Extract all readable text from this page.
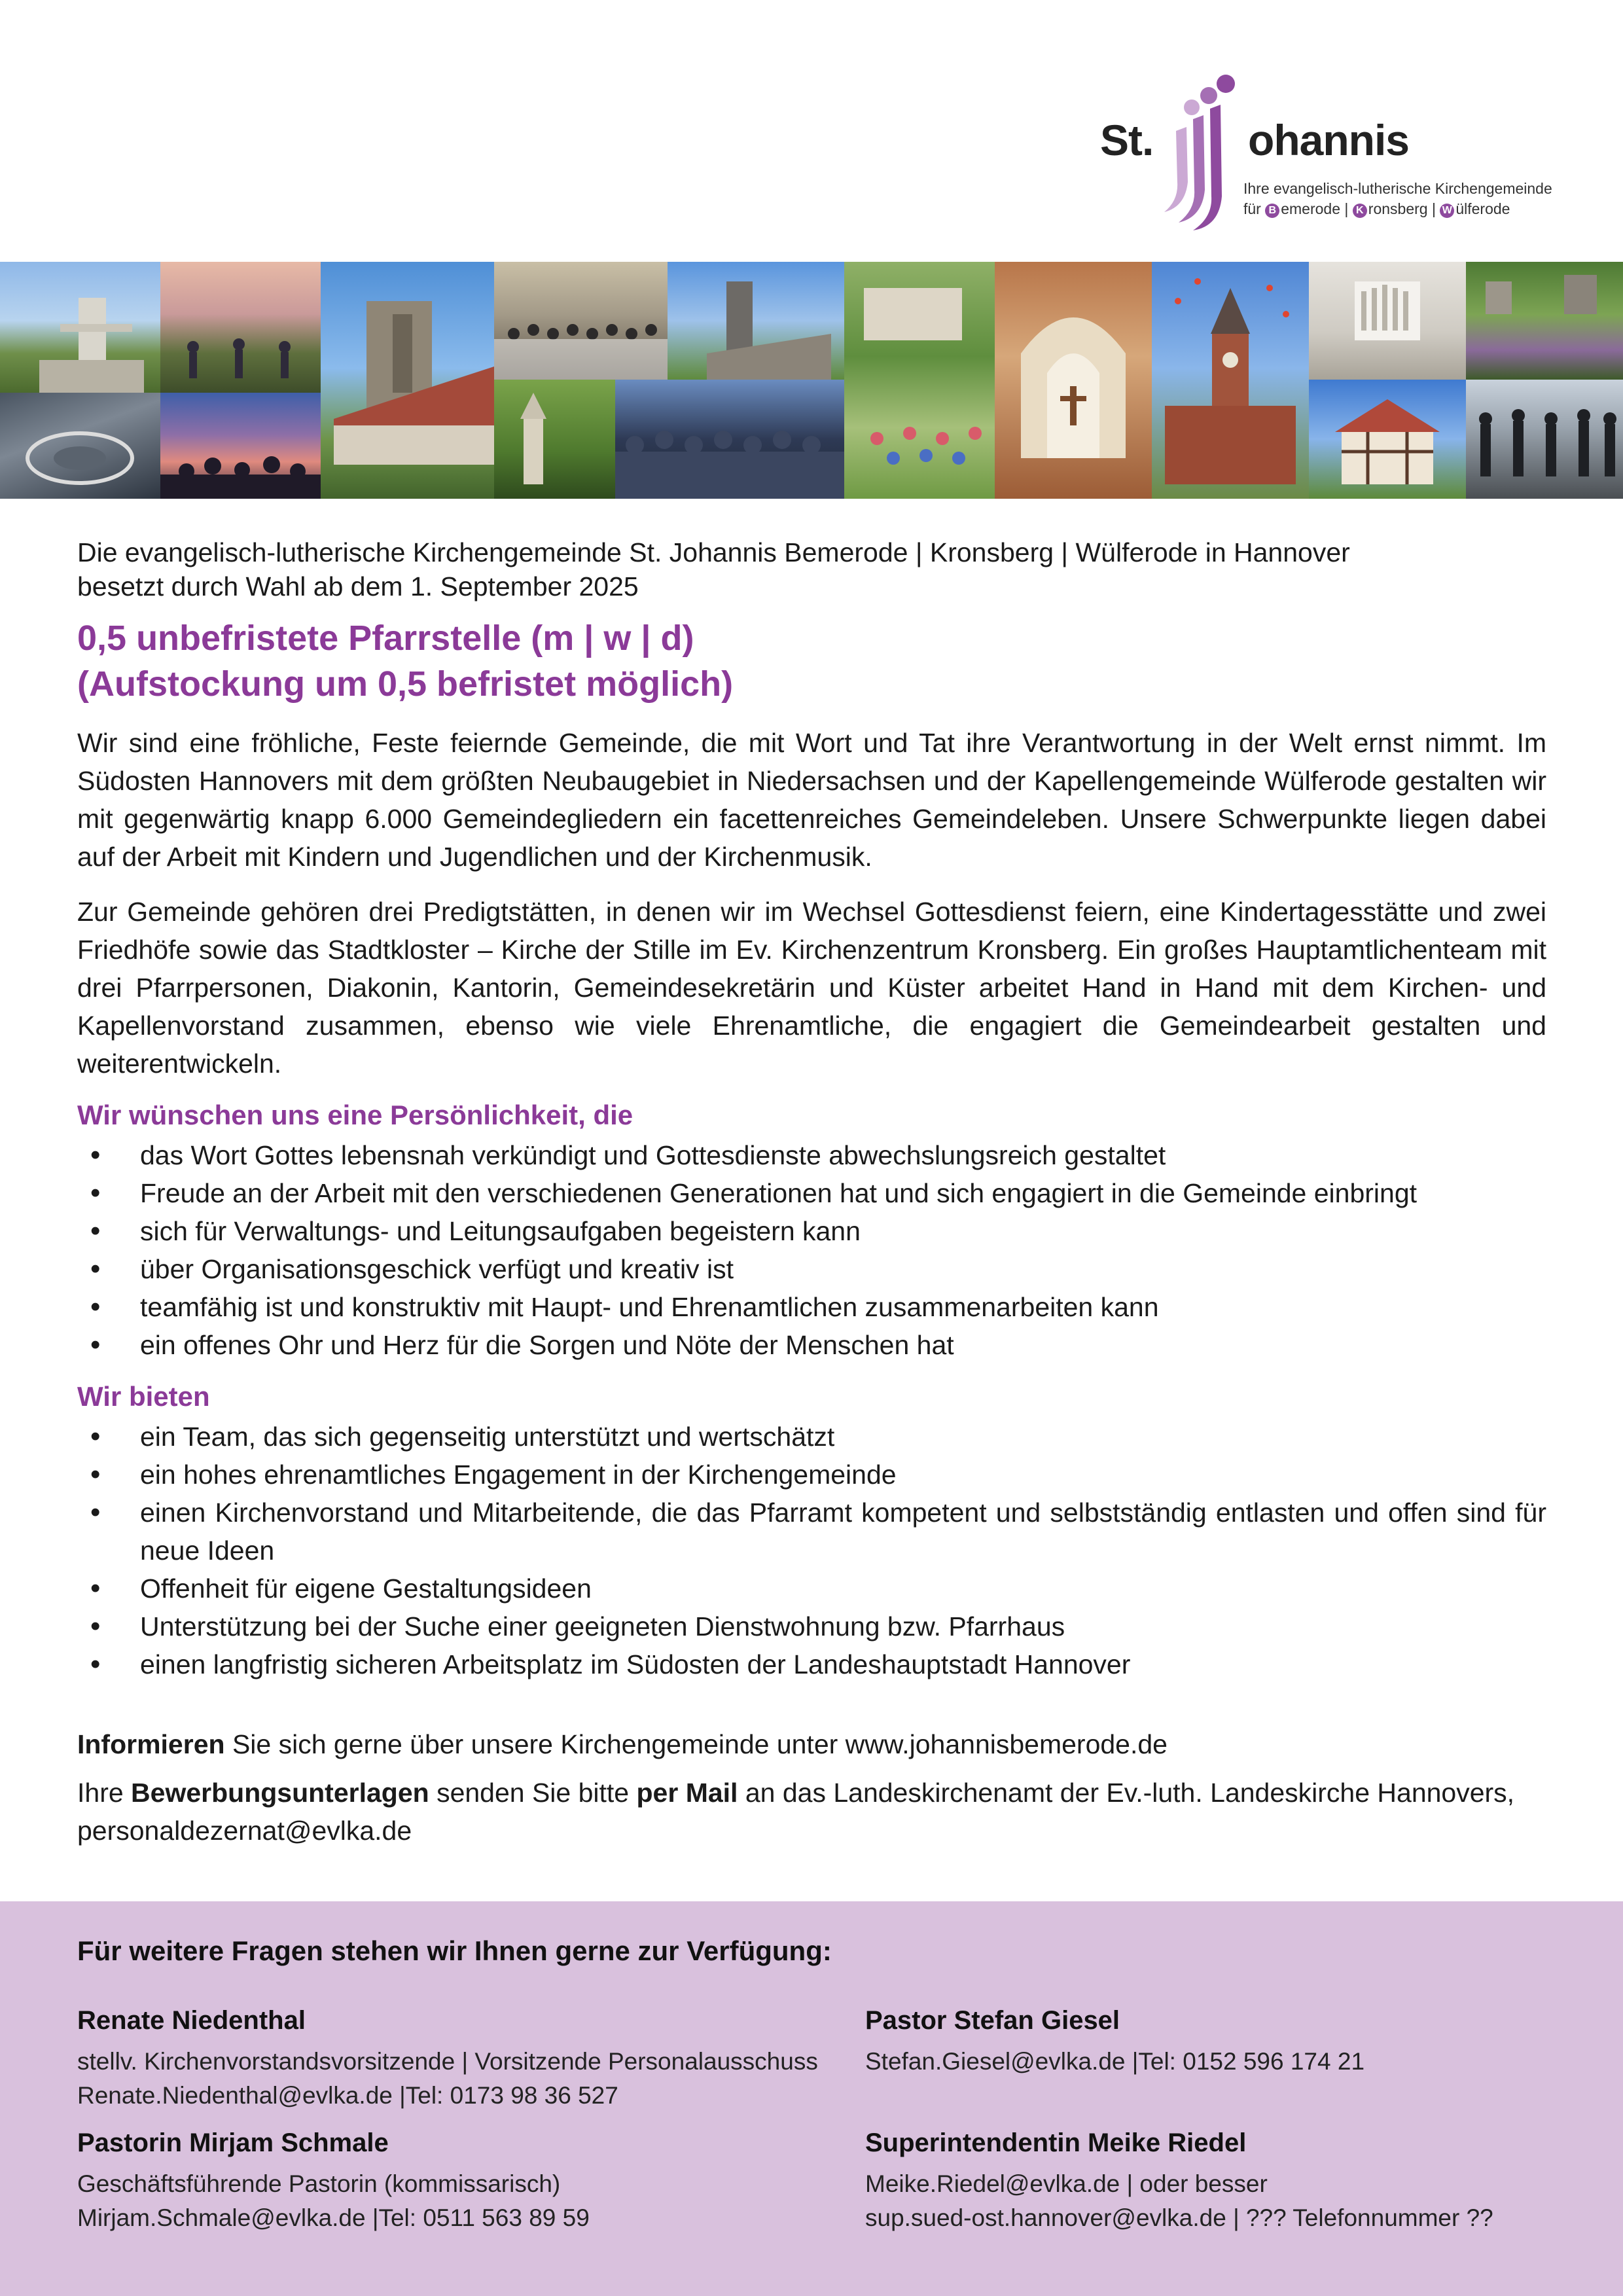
St. ohannis
Ihre evangelisch-lutherische Kirchengemeinde
für B emerode | K ronsberg | W ülferode
Die evangelisch-lutherische Kirchengemeinde St. Johannis Bemerode | Kronsberg | Wülferode in Hannover
besetzt durch Wahl ab dem 1. September 2025
0,5 unbefristete Pfarrstelle (m | w | d)
(Aufstockung um 0,5 befristet möglich)

Wir sind eine fröhliche, Feste feiernde Gemeinde, die mit Wort und Tat ihre Verantwortung in der Welt ernst nimmt. Im Südosten Hannovers mit dem größten Neubaugebiet in Niedersachsen und der Kapellengemeinde Wülferode gestalten wir mit gegenwärtig knapp 6.000 Gemeindegliedern ein facettenreiches Gemeindeleben. Unsere Schwerpunkte liegen dabei auf der Arbeit mit Kindern und Jugendlichen und der Kirchenmusik.

Zur Gemeinde gehören drei Predigtstätten, in denen wir im Wechsel Gottesdienst feiern, eine Kindertagesstätte und zwei Friedhöfe sowie das Stadtkloster – Kirche der Stille im Ev. Kirchenzentrum Kronsberg. Ein großes Hauptamtlichenteam mit drei Pfarrpersonen, Diakonin, Kantorin, Gemeindesekretärin und Küster arbeitet Hand in Hand mit dem Kirchen- und Kapellenvorstand zusammen, ebenso wie viele Ehrenamtliche, die engagiert die Gemeindearbeit gestalten und weiterentwickeln.

Wir wünschen uns eine Persönlichkeit, die
• das Wort Gottes lebensnah verkündigt und Gottesdienste abwechslungsreich gestaltet
• Freude an der Arbeit mit den verschiedenen Generationen hat und sich engagiert in die Gemeinde einbringt
• sich für Verwaltungs- und Leitungsaufgaben begeistern kann
• über Organisationsgeschick verfügt und kreativ ist
• teamfähig ist und konstruktiv mit Haupt- und Ehrenamtlichen zusammenarbeiten kann
• ein offenes Ohr und Herz für die Sorgen und Nöte der Menschen hat
Wir bieten
• ein Team, das sich gegenseitig unterstützt und wertschätzt
• ein hohes ehrenamtliches Engagement in der Kirchengemeinde
• einen Kirchenvorstand und Mitarbeitende, die das Pfarramt kompetent und selbstständig entlasten und offen sind für neue Ideen
• Offenheit für eigene Gestaltungsideen
• Unterstützung bei der Suche einer geeigneten Dienstwohnung bzw. Pfarrhaus
• einen langfristig sicheren Arbeitsplatz im Südosten der Landeshauptstadt Hannover

Informieren Sie sich gerne über unsere Kirchengemeinde unter www.johannisbemerode.de

Ihre Bewerbungsunterlagen senden Sie bitte per Mail an das Landeskirchenamt der Ev.-luth. Landeskirche Hannovers,
personaldezernat@evlka.de

Für weitere Fragen stehen wir Ihnen gerne zur Verfügung:
Renate Niedenthal
stellv. Kirchenvorstandsvorsitzende | Vorsitzende Personalausschuss
Renate.Niedenthal@evlka.de |Tel: 0173 98 36 527
Pastor Stefan Giesel
Stefan.Giesel@evlka.de |Tel: 0152 596 174 21
Pastorin Mirjam Schmale
Geschäftsführende Pastorin (kommissarisch)
Mirjam.Schmale@evlka.de |Tel: 0511 563 89 59
Superintendentin Meike Riedel
Meike.Riedel@evlka.de | oder besser
sup.sued-ost.hannover@evlka.de | ??? Telefonnummer ??
